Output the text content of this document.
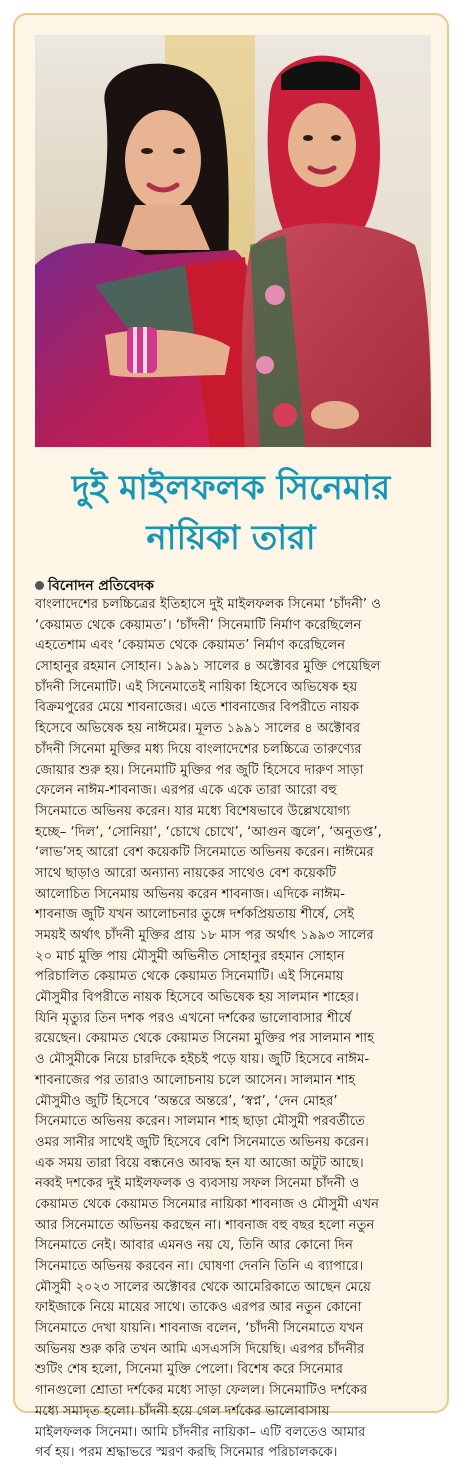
দুই মাইলফলক সিনেমার
নায়িকা তারা
বিনোদন প্রতিবেদক
বাংলাদেশের চলচ্চিত্রের ইতিহাসে দুই মাইলফলক সিনেমা ‘চাঁদনী’ ও
‘কেয়ামত থেকে কেয়ামত’। ‘চাঁদনী’ সিনেমাটি নির্মাণ করেছিলেন
এহতেশাম এবং ‘কেয়ামত থেকে কেয়ামত’ নির্মাণ করেছিলেন
সোহানুর রহমান সোহান। ১৯৯১ সালের ৪ অক্টোবর মুক্তি পেয়েছিল
চাঁদনী সিনেমাটি। এই সিনেমাতেই নায়িকা হিসেবে অভিষেক হয়
বিক্রমপুরের মেয়ে শাবনাজের। এতে শাবনাজের বিপরীতে নায়ক
হিসেবে অভিষেক হয় নাঈমের। মূলত ১৯৯১ সালের ৪ অক্টোবর
চাঁদনী সিনেমা মুক্তির মধ্য দিয়ে বাংলাদেশের চলচ্চিত্রে তারুণ্যের
জোয়ার শুরু হয়। সিনেমাটি মুক্তির পর জুটি হিসেবে দারুণ সাড়া
ফেলেন নাঈম-শাবনাজ। এরপর একে একে তারা আরো বহু
সিনেমাতে অভিনয় করেন। যার মধ্যে বিশেষভাবে উল্লেখযোগ্য
হচ্ছে– ‘দিল’, ‘সোনিয়া’, ‘চোখে চোখে’, ‘আগুন জ্বলে’, ‘অনুতপ্ত’,
‘লাভ’সহ আরো বেশ কয়েকটি সিনেমাতে অভিনয় করেন। নাঈমের
সাথে ছাড়াও আরো অন্যান্য নায়কের সাথেও বেশ কয়েকটি
আলোচিত সিনেমায় অভিনয় করেন শাবনাজ। এদিকে নাঈম-
শাবনাজ জুটি যখন আলোচনার তুঙ্গে দর্শকপ্রিয়তায় শীর্ষে, সেই
সময়ই অর্থাৎ চাঁদনী মুক্তির প্রায় ১৮ মাস পর অর্থাৎ ১৯৯৩ সালের
২০ মার্চ মুক্তি পায় মৌসুমী অভিনীত সোহানুর রহমান সোহান
পরিচালিত কেয়ামত থেকে কেয়ামত সিনেমাটি। এই সিনেমায়
মৌসুমীর বিপরীতে নায়ক হিসেবে অভিষেক হয় সালমান শাহের।
যিনি মৃত্যুর তিন দশক পরও এখনো দর্শকের ভালোবাসার শীর্ষে
রয়েছেন। কেয়ামত থেকে কেয়ামত সিনেমা মুক্তির পর সালমান শাহ
ও মৌসুমীকে নিয়ে চারদিকে হইচই পড়ে যায়। জুটি হিসেবে নাঈম-
শাবনাজের পর তারাও আলোচনায় চলে আসেন। সালমান শাহ
মৌসুমীও জুটি হিসেবে ‘অন্তরে অন্তরে’, ‘স্বপ্ন’, ‘দেন মোহর’
সিনেমাতে অভিনয় করেন। সালমান শাহ ছাড়া মৌসুমী পরবর্তীতে
ওমর সানীর সাথেই জুটি হিসেবে বেশি সিনেমাতে অভিনয় করেন।
এক সময় তারা বিয়ে বন্ধনেও আবদ্ধ হন যা আজো অটুট আছে।
নব্বই দশকের দুই মাইলফলক ও ব্যবসায় সফল সিনেমা চাঁদনী ও
কেয়ামত থেকে কেয়ামত সিনেমার নায়িকা শাবনাজ ও মৌসুমী এখন
আর সিনেমাতে অভিনয় করছেন না। শাবনাজ বহু বছর হলো নতুন
সিনেমাতে নেই। আবার এমনও নয় যে, তিনি আর কোনো দিন
সিনেমাতে অভিনয় করবেন না। ঘোষণা দেননি তিনি এ ব্যাপারে।
মৌসুমী ২০২৩ সালের অক্টোবর থেকে আমেরিকাতে আছেন মেয়ে
ফাইজাকে নিয়ে মায়ের সাথে। তাকেও এরপর আর নতুন কোনো
সিনেমাতে দেখা যায়নি। শাবনাজ বলেন, ‘চাঁদনী সিনেমাতে যখন
অভিনয় শুরু করি তখন আমি এসএসসি দিয়েছি। এরপর চাঁদনীর
শুটিং শেষ হলো, সিনেমা মুক্তি পেলো। বিশেষ করে সিনেমার
গানগুলো শ্রোতা দর্শকের মধ্যে সাড়া ফেলল। সিনেমাটিও দর্শকের
মধ্যে সমাদৃত হলো। চাঁদনী হয়ে গেল দর্শকের ভালোবাসায়
মাইলফলক সিনেমা। আমি চাঁদনীর নায়িকা– এটি বলতেও আমার
গর্ব হয়। পরম শ্রদ্ধাভরে স্মরণ করছি সিনেমার পরিচালককে।
